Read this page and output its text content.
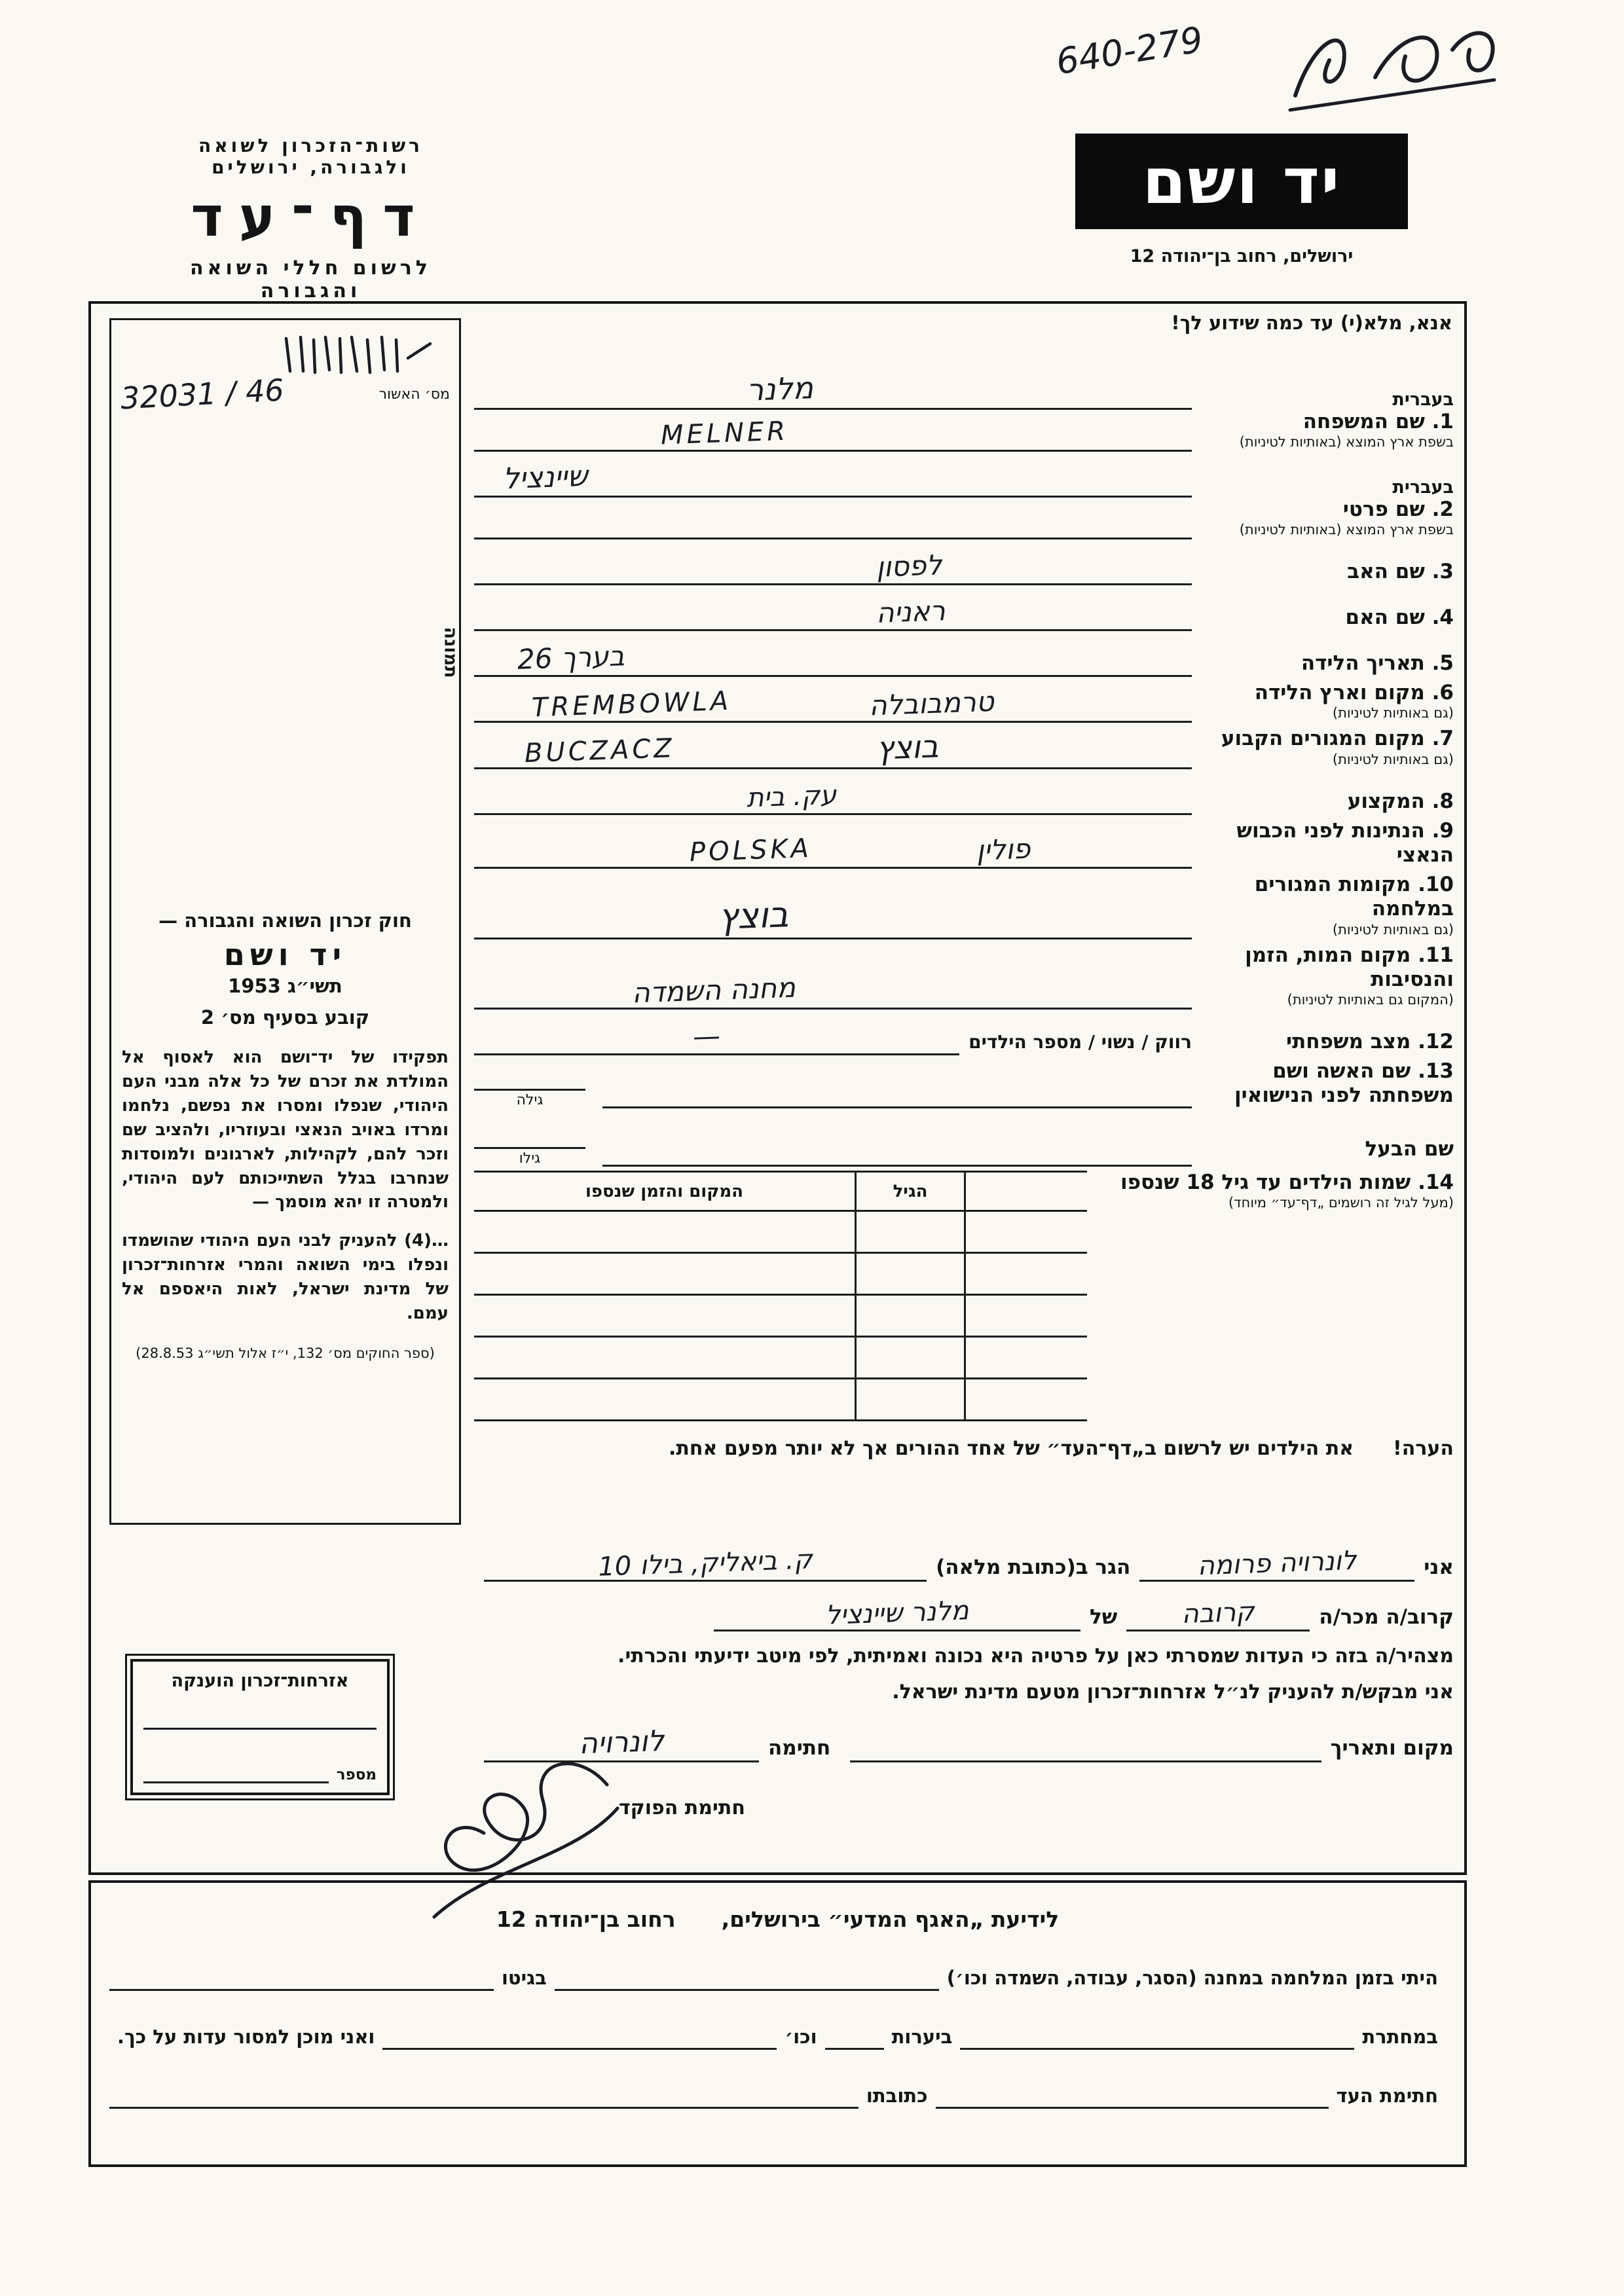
640-279
רשות־הזכרון לשואה ולגבורה, ירושלים
דף־עד
לרשום חללי השואה והגבורה
יד ושם
ירושלים, רחוב בן־יהודה 12
אנא, מלא(י) עד כמה שידוע לך!
מס׳ האשור
32031 / 46
תמונה
חוק זכרון השואה והגבורה —
יד ושם
תשי״ג 1953
קובע בסעיף מס׳ 2
תפקידו של יד־ושם הוא לאסוף אל המולדת את זכרם של כל אלה מבני העם היהודי, שנפלו ומסרו את נפשם, נלחמו ומרדו באויב הנאצי ובעוזריו, ולהציב שם וזכר להם, לקהילות, לארגונים ולמוסדות שנחרבו בגלל השתייכותם לעם היהודי, ולמטרה זו יהא מוסמך —
…(4) להעניק לבני העם היהודי שהושמדו ונפלו בימי השואה והמרי אזרחות־זכרון של מדינת ישראל, לאות היאספם אל עמם.
(ספר החוקים מס׳ 132, י״ז אלול תשי״ג 28.8.53)
בעברית
1. שם המשפחה
בשפת ארץ המוצא (באותיות לטיניות)
מלנר
MELNER
בעברית
2. שם פרטי
בשפת ארץ המוצא (באותיות לטיניות)
שיינציל
3. שם האב
לפסון
4. שם האם
ראניה
5. תאריך הלידה
בערך 26
6. מקום וארץ הלידה
(גם באותיות לטיניות)
TREMBOWLA	טרמבובלה
7. מקום המגורים הקבוע
(גם באותיות לטיניות)
BUCZACZ	בוצץ
8. המקצוע
עק. בית
9. הנתינות לפני הכבוש הנאצי
POLSKA	פולין
10. מקומות המגורים במלחמה
(גם באותיות לטיניות)
בוצץ
11. מקום המות, הזמן והנסיבות
(המקום גם באותיות לטיניות)
מחנה השמדה
12. מצב משפחתי
רווק / נשוי / מספר הילדים
—
13. שם האשה ושם משפחתה לפני הנישואין
שם הבעל
גילה
גילו
14. שמות הילדים עד גיל 18 שנספו
(מעל לגיל זה רושמים „דף־עד״ מיוחד)
הגיל
המקום והזמן שנספו
הערה!את הילדים יש לרשום ב„דף־העד״ של אחד ההורים אך לא יותר מפעם אחת.
אני
לונרויה פרומה
הגר ב(כתובת מלאה)
ק. ביאליק, בילו 10
קרוב/ה מכר/ה
קרובה
של
מלנר שיינציל
מצהיר/ה בזה כי העדות שמסרתי כאן על פרטיה היא נכונה ואמיתית, לפי מיטב ידיעתי והכרתי.
אני מבקש/ת להעניק לנ״ל אזרחות־זכרון מטעם מדינת ישראל.
מקום ותאריך
חתימה
לונרויה
חתימת הפוקד
אזרחות־זכרון הוענקה
מספר
לידיעת „האגף המדעי״ בירושלים,
רחוב בן־יהודה 12
היתי בזמן המלחמה במחנה (הסגר, עבודה, השמדה וכו׳)
בגיטו
במחתרת
ביערות
וכו׳
ואני מוכן למסור עדות על כך.
חתימת העד
כתובתו
